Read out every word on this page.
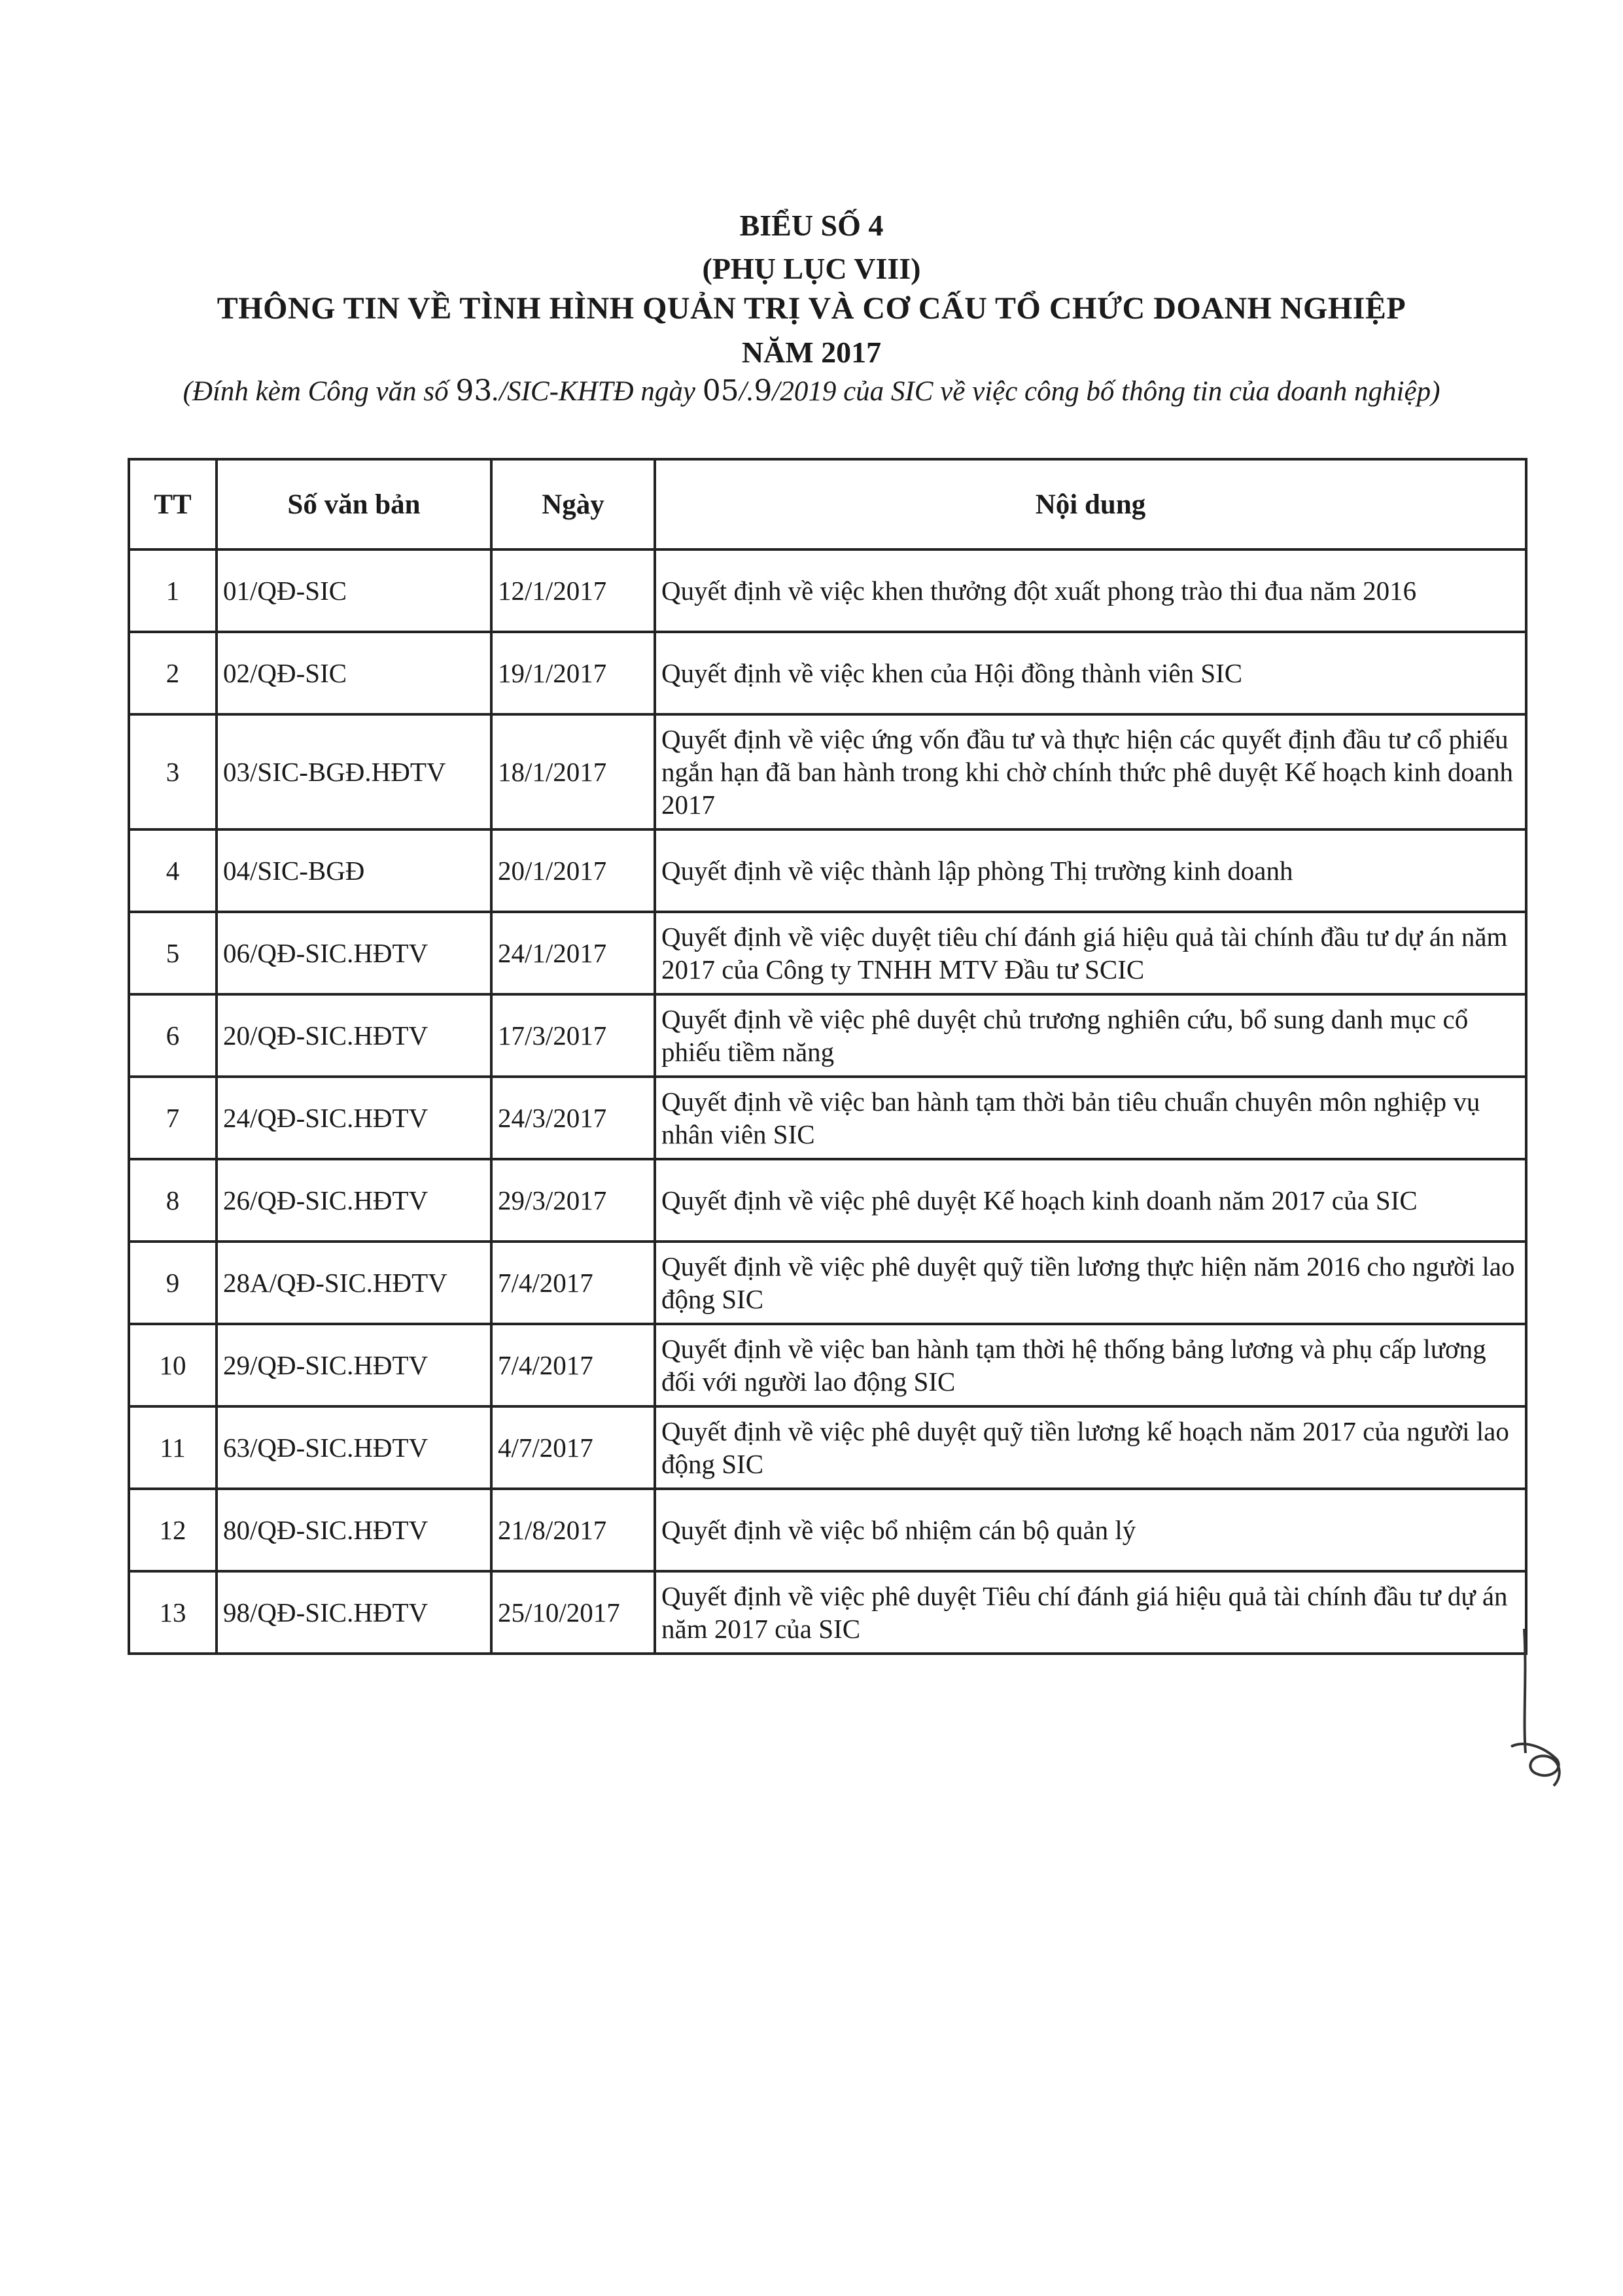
BIỂU SỐ 4
(PHỤ LỤC VIII)
THÔNG TIN VỀ TÌNH HÌNH QUẢN TRỊ VÀ CƠ CẤU TỔ CHỨC DOANH NGHIỆP
NĂM 2017
(Đính kèm Công văn số 93./SIC-KHTĐ ngày 05/.9/2019 của SIC về việc công bố thông tin của doanh nghiệp)
TT	Số văn bản	Ngày	Nội dung
1	01/QĐ-SIC	12/1/2017	Quyết định về việc khen thưởng đột xuất phong trào thi đua năm 2016
2	02/QĐ-SIC	19/1/2017	Quyết định về việc khen của Hội đồng thành viên SIC
3	03/SIC-BGĐ.HĐTV	18/1/2017	Quyết định về việc ứng vốn đầu tư và thực hiện các quyết định đầu tư cổ phiếu ngắn hạn đã ban hành trong khi chờ chính thức phê duyệt Kế hoạch kinh doanh 2017
4	04/SIC-BGĐ	20/1/2017	Quyết định về việc thành lập phòng Thị trường kinh doanh
5	06/QĐ-SIC.HĐTV	24/1/2017	Quyết định về việc duyệt tiêu chí đánh giá hiệu quả tài chính đầu tư dự án năm 2017 của Công ty TNHH MTV Đầu tư SCIC
6	20/QĐ-SIC.HĐTV	17/3/2017	Quyết định về việc phê duyệt chủ trương nghiên cứu, bổ sung danh mục cổ phiếu tiềm năng
7	24/QĐ-SIC.HĐTV	24/3/2017	Quyết định về việc ban hành tạm thời bản tiêu chuẩn chuyên môn nghiệp vụ nhân viên SIC
8	26/QĐ-SIC.HĐTV	29/3/2017	Quyết định về việc phê duyệt Kế hoạch kinh doanh năm 2017 của SIC
9	28A/QĐ-SIC.HĐTV	7/4/2017	Quyết định về việc phê duyệt quỹ tiền lương thực hiện năm 2016 cho người lao động SIC
10	29/QĐ-SIC.HĐTV	7/4/2017	Quyết định về việc ban hành tạm thời hệ thống bảng lương và phụ cấp lương đối với người lao động SIC
11	63/QĐ-SIC.HĐTV	4/7/2017	Quyết định về việc phê duyệt quỹ tiền lương kế hoạch năm 2017 của người lao động SIC
12	80/QĐ-SIC.HĐTV	21/8/2017	Quyết định về việc bổ nhiệm cán bộ quản lý
13	98/QĐ-SIC.HĐTV	25/10/2017	Quyết định về việc phê duyệt Tiêu chí đánh giá hiệu quả tài chính đầu tư dự án năm 2017 của SIC
